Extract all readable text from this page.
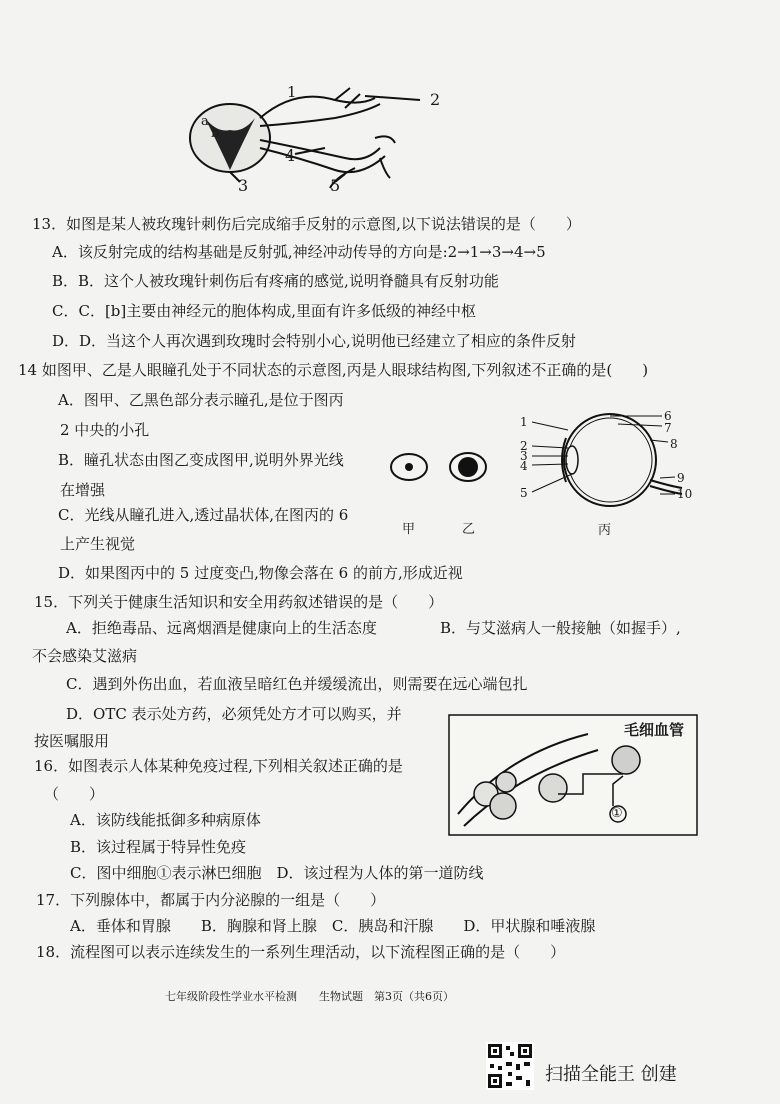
a
b
1	2
3
4
5
13．如图是某人被玫瑰针刺伤后完成缩手反射的示意图,以下说法错误的是（　　）
A．该反射完成的结构基础是反射弧,神经冲动传导的方向是:2→1→3→4→5
B．B．这个人被玫瑰针刺伤后有疼痛的感觉,说明脊髓具有反射功能
C．C．[b]主要由神经元的胞体构成,里面有许多低级的神经中枢
D．D．当这个人再次遇到玫瑰时会特别小心,说明他已经建立了相应的条件反射
14 如图甲、乙是人眼瞳孔处于不同状态的示意图,丙是人眼球结构图,下列叙述不正确的是(　　)
A．图甲、乙黑色部分表示瞳孔,是位于图丙
2 中央的小孔
B．瞳孔状态由图乙变成图甲,说明外界光线
在增强
C．光线从瞳孔进入,透过晶状体,在图丙的 6
上产生视觉
D．如果图丙中的 5 过度变凸,物像会落在 6 的前方,形成近视
甲	乙
1
2
3
4
5
6
7
8
9
10
丙
15．下列关于健康生活知识和安全用药叙述错误的是（　　）
A．拒绝毒品、远离烟酒是健康向上的生活态度	B．与艾滋病人一般接触（如握手）,
不会感染艾滋病
C．遇到外伤出血，若血液呈暗红色并缓缓流出，则需要在远心端包扎
D．OTC 表示处方药，必须凭处方才可以购买，并
按医嘱服用
毛细血管
①
16．如图表示人体某种免疫过程,下列相关叙述正确的是
（　　）
A．该防线能抵御多种病原体
B．该过程属于特异性免疫
C．图中细胞①表示淋巴细胞　D．该过程为人体的第一道防线
17．下列腺体中，都属于内分泌腺的一组是（　　）
A．垂体和胃腺　　B．胸腺和肾上腺　C．胰岛和汗腺　　D．甲状腺和唾液腺
18．流程图可以表示连续发生的一系列生理活动，以下流程图正确的是（　　）
七年级阶段性学业水平检测　　生物试题　第3页（共6页）
扫描全能王 创建
